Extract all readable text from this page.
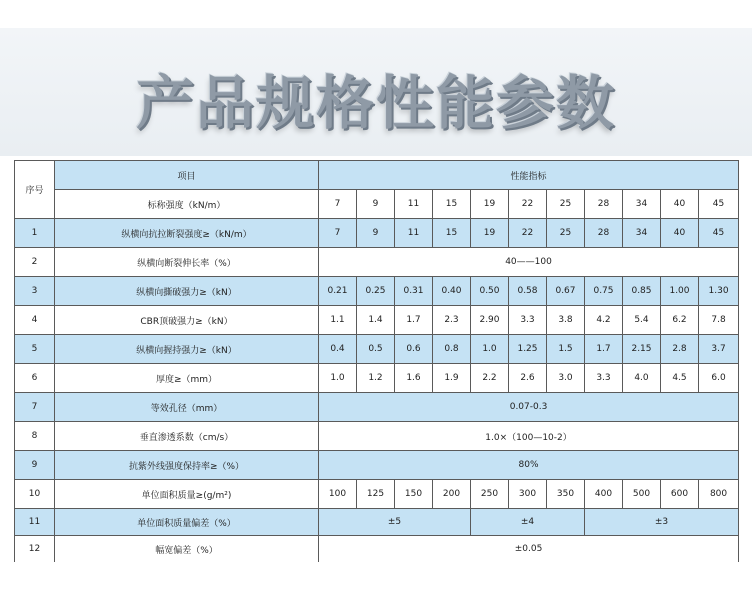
产品规格性能参数
序号	项目	性能指标										
	标称强度（kN/m）	7	9	11	15	19	22	25	28	34	40	45
1	纵横向抗拉断裂强度≥（kN/m）	7	9	11	15	19	22	25	28	34	40	45
2	纵横向断裂伸长率（%）	40——100										
3	纵横向撕破强力≥（kN）	0.21	0.25	0.31	0.40	0.50	0.58	0.67	0.75	0.85	1.00	1.30
4	CBR顶破强力≥（kN）	1.1	1.4	1.7	2.3	2.90	3.3	3.8	4.2	5.4	6.2	7.8
5	纵横向握持强力≥（kN）	0.4	0.5	0.6	0.8	1.0	1.25	1.5	1.7	2.15	2.8	3.7
6	厚度≥（mm）	1.0	1.2	1.6	1.9	2.2	2.6	3.0	3.3	4.0	4.5	6.0
7	等效孔径（mm）	0.07-0.3										
8	垂直渗透系数（cm/s）	1.0×（100—10-2）										
9	抗紫外线强度保持率≥（%）	80%										
10	单位面积质量≥(g/m²)	100	125	150	200	250	300	350	400	500	600	800
11	单位面积质量偏差（%）	±5				±4			±3			
12	幅宽偏差（%）	±0.05										
